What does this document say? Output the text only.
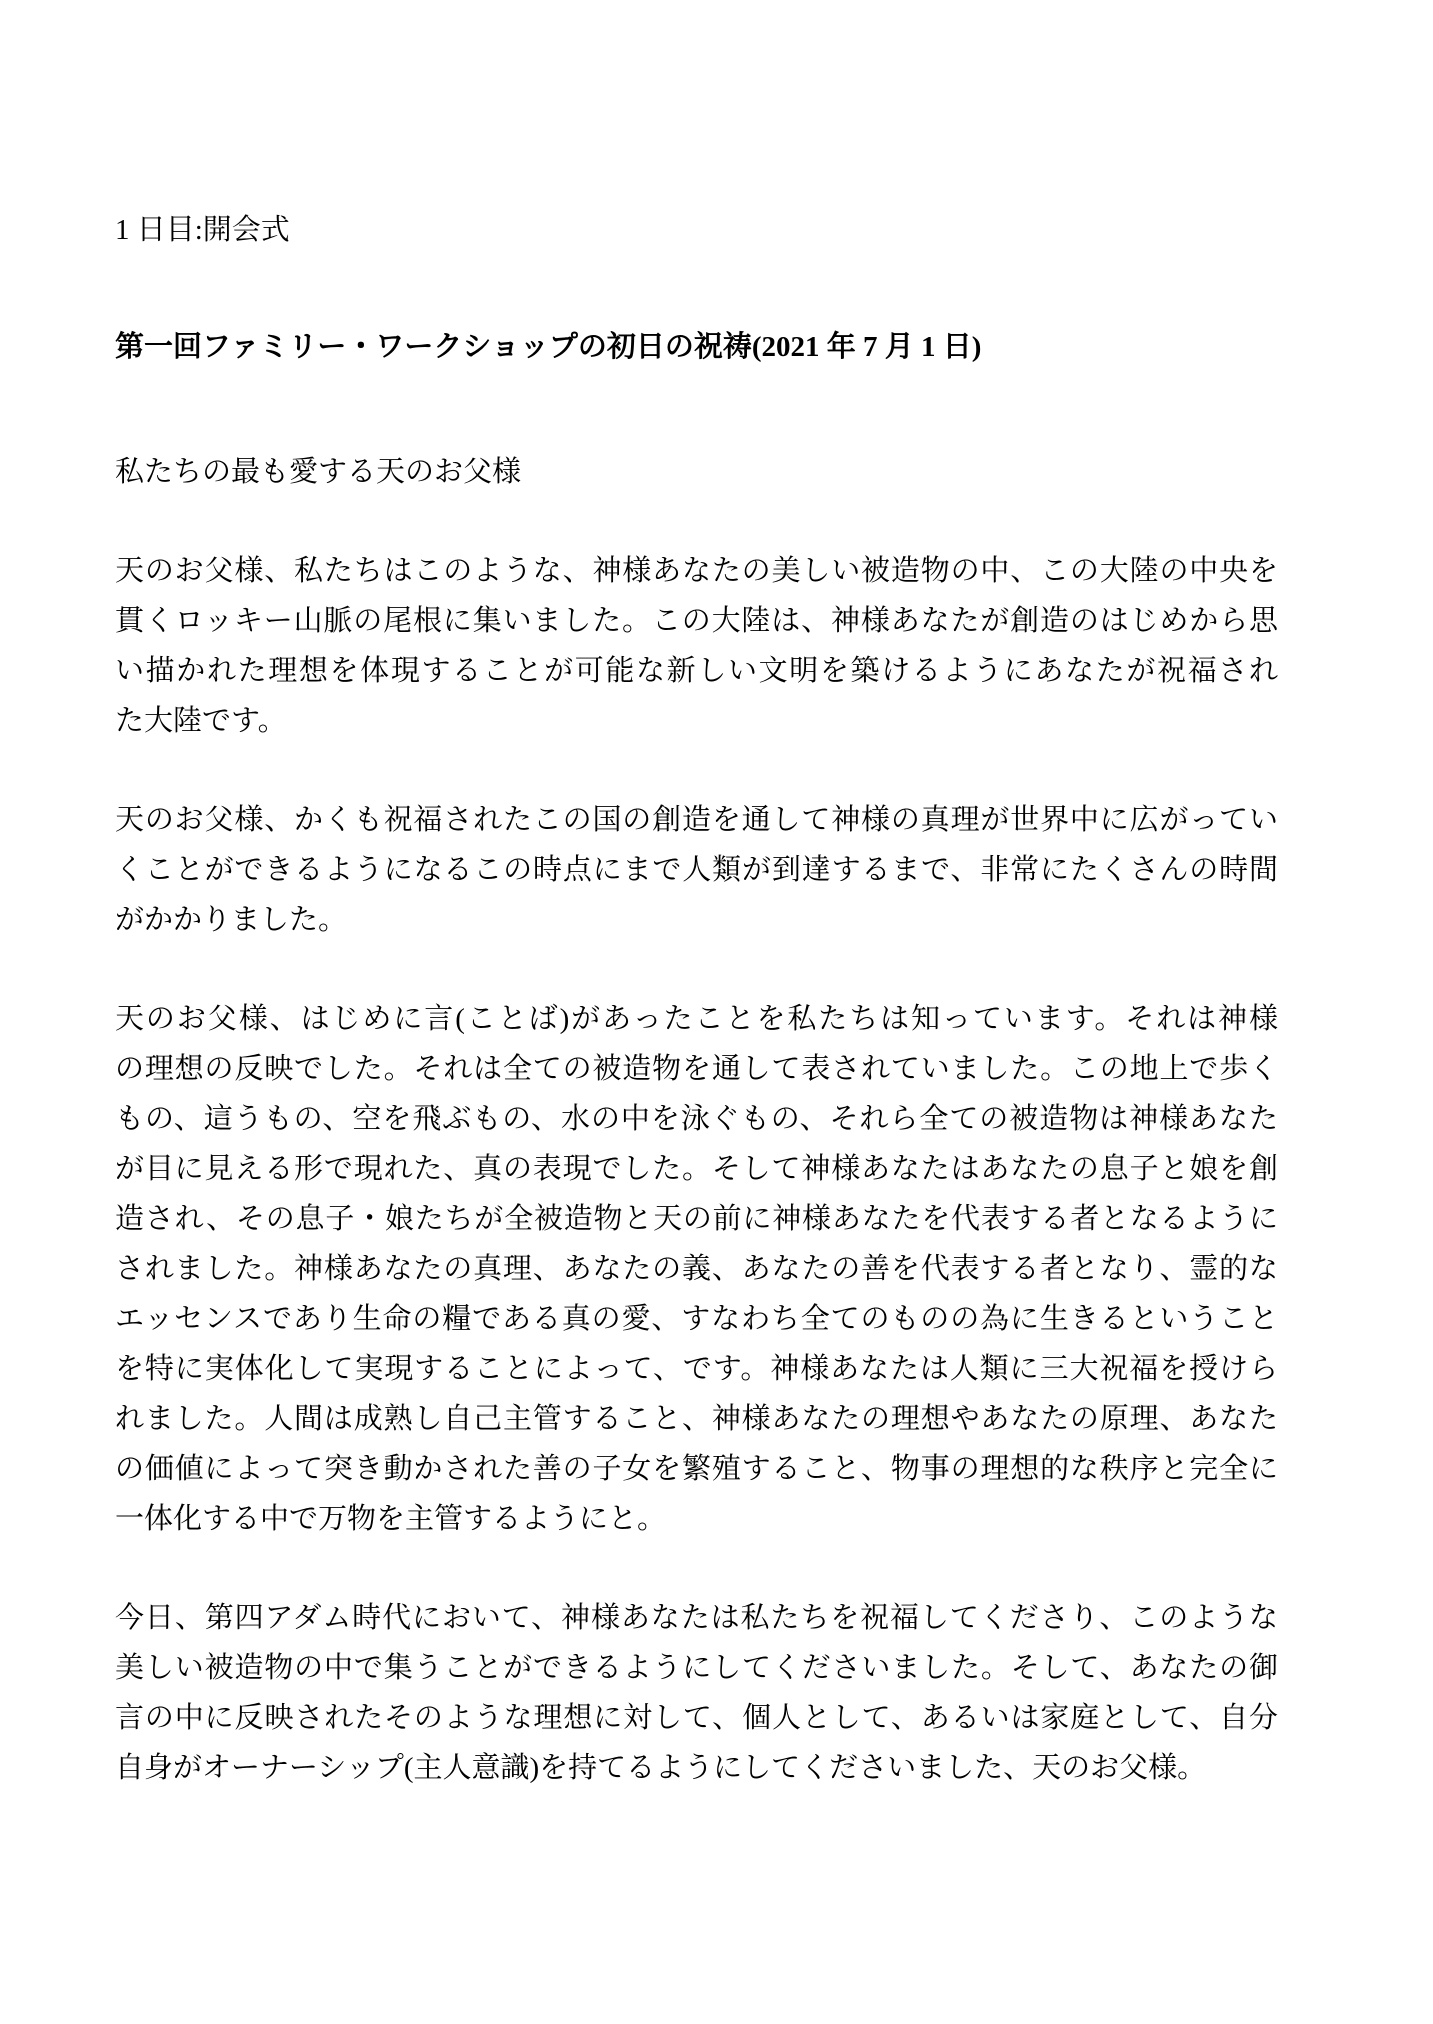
1 日目:開会式
第一回ファミリー・ワークショップの初日の祝祷(2021 年 7 月 1 日)
私たちの最も愛する天のお父様
天のお父様、私たちはこのような、神様あなたの美しい被造物の中、この大陸の中央を
貫くロッキー山脈の尾根に集いました。この大陸は、神様あなたが創造のはじめから思
い描かれた理想を体現することが可能な新しい文明を築けるようにあなたが祝福され
た大陸です。
天のお父様、かくも祝福されたこの国の創造を通して神様の真理が世界中に広がってい
くことができるようになるこの時点にまで人類が到達するまで、非常にたくさんの時間
がかかりました。
天のお父様、はじめに言(ことば)があったことを私たちは知っています。それは神様
の理想の反映でした。それは全ての被造物を通して表されていました。この地上で歩く
もの、這うもの、空を飛ぶもの、水の中を泳ぐもの、それら全ての被造物は神様あなた
が目に見える形で現れた、真の表現でした。そして神様あなたはあなたの息子と娘を創
造され、その息子・娘たちが全被造物と天の前に神様あなたを代表する者となるように
されました。神様あなたの真理、あなたの義、あなたの善を代表する者となり、霊的な
エッセンスであり生命の糧である真の愛、すなわち全てのものの為に生きるということ
を特に実体化して実現することによって、です。神様あなたは人類に三大祝福を授けら
れました。人間は成熟し自己主管すること、神様あなたの理想やあなたの原理、あなた
の価値によって突き動かされた善の子女を繁殖すること、物事の理想的な秩序と完全に
一体化する中で万物を主管するようにと。
今日、第四アダム時代において、神様あなたは私たちを祝福してくださり、このような
美しい被造物の中で集うことができるようにしてくださいました。そして、あなたの御
言の中に反映されたそのような理想に対して、個人として、あるいは家庭として、自分
自身がオーナーシップ(主人意識)を持てるようにしてくださいました、天のお父様。
